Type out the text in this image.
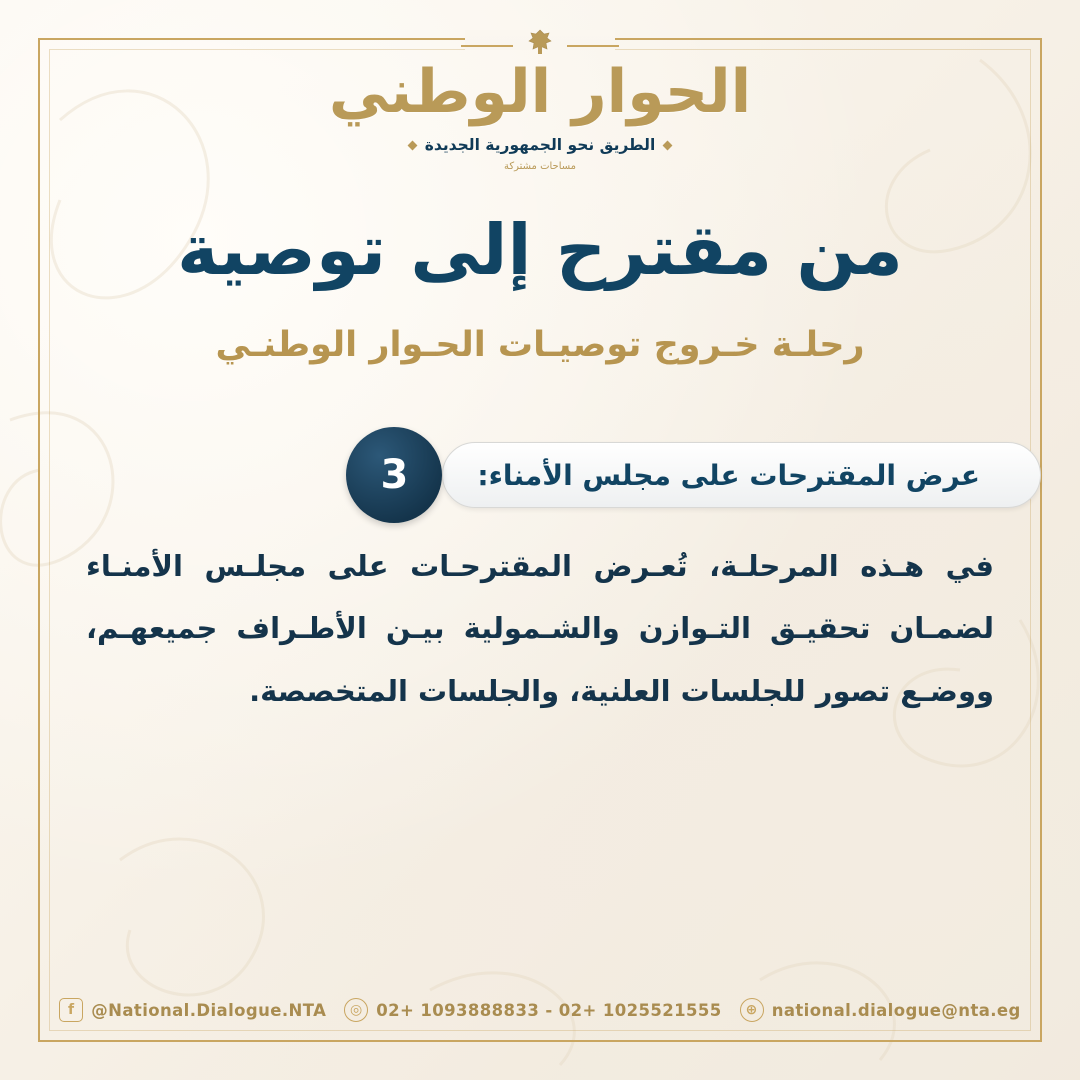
الحوار الوطني
الطريق نحو الجمهورية الجديدة
مساحات مشتركة
من مقترح إلى توصية
رحلـة خـروج توصيـات الحـوار الوطنـي
3	عرض المقترحات على مجلس الأمناء:
في هـذه المرحلـة، تُعـرض المقترحـات على مجلـس الأمنـاء لضمـان تحقيـق التـوازن والشـمولية بيـن الأطـراف جميعهـم، ووضـع تصور للجلسات العلنية، والجلسات المتخصصة.
f	@National.Dialogue.NTA	◎ 02+ 1093888833 - 02+ 1025521555	⊕ national.dialogue@nta.eg
